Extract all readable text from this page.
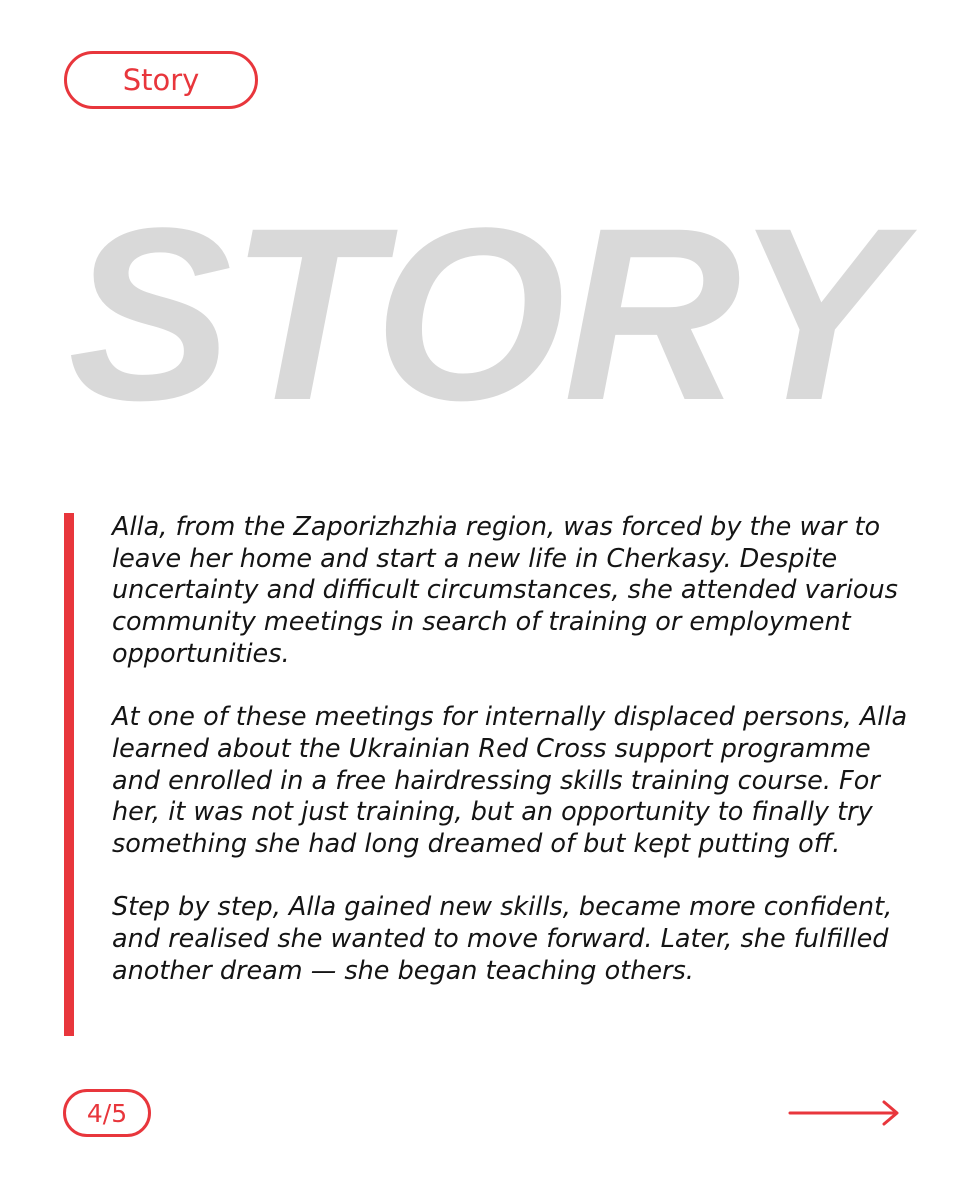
Story
STORY

Alla, from the Zaporizhzhia region, was forced by the war to leave her home and start a new life in Cherkasy. Despite uncertainty and difficult circumstances, she attended various community meetings in search of training or employment opportunities.

At one of these meetings for internally displaced persons, Alla learned about the Ukrainian Red Cross support programme and enrolled in a free hairdressing skills training course. For her, it was not just training, but an opportunity to finally try something she had long dreamed of but kept putting off.

Step by step, Alla gained new skills, became more confident, and realised she wanted to move forward. Later, she fulfilled another dream — she began teaching others.

4/5
